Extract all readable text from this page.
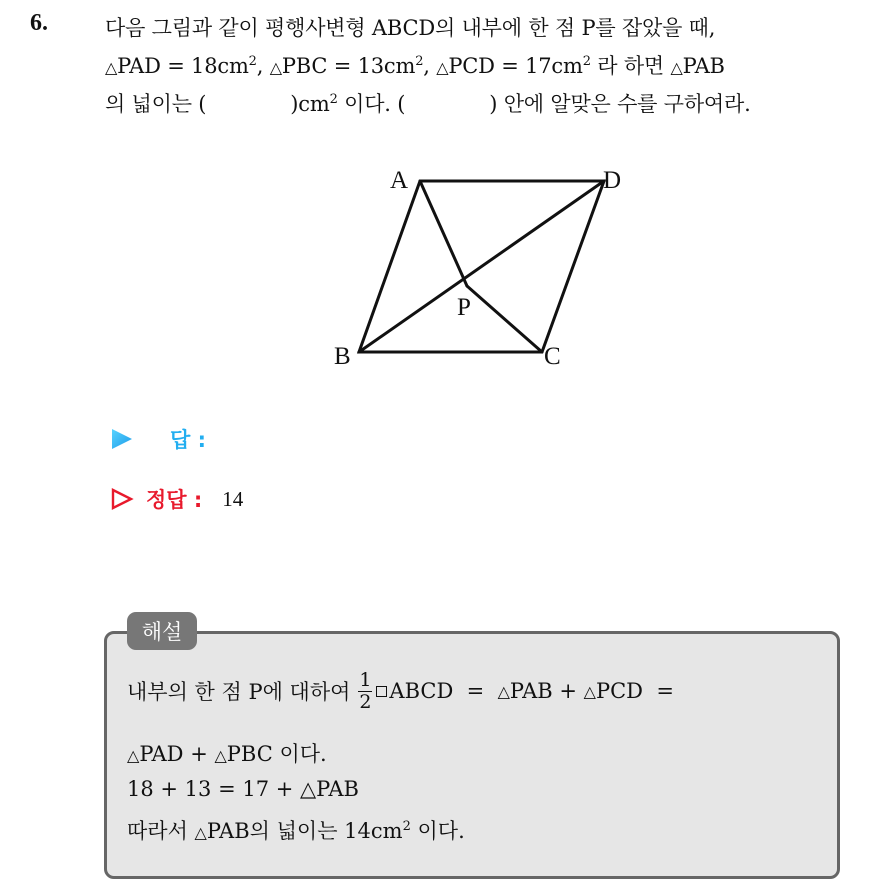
6.	다음 그림과 같이 평행사변형 ABCD의 내부에 한 점 P를 잡았을 때,
△PAD = $18cm^2$, △PBC = $13cm^2$, △PCD = $17cm^2$ 라 하면 △PAB
의 넓이는 (	)$cm^2$ 이다. (	) 안에 알맞은 수를 구하여라.
A	D
P
B	C
답 :
정답 : 14
해설
내부의 한 점 P에 대하여 $\frac{1}{2}$ ABCD  = △ PAB + △ PCD  =
△PAD + △PBC 이다.
18 + 13 = 17 + △PAB
따라서 △PAB의 넓이는 $14cm^2$ 이다.
